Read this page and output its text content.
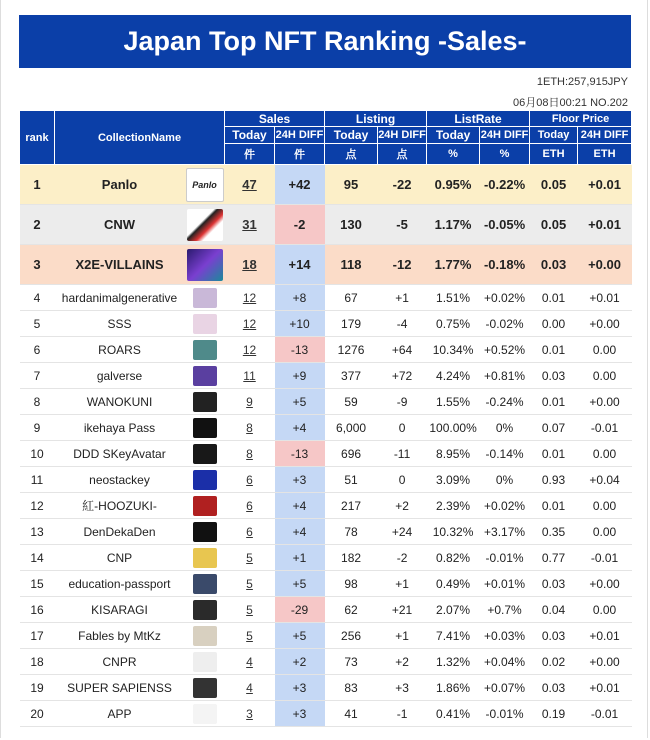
Japan Top NFT Ranking -Sales-
1ETH:257,915JPY
06月08日00:21 NO.202
rank	CollectionName		Sales		Listing		ListRate		Floor Price	
			Today	24H DIFF	Today	24H DIFF	Today	24H DIFF	Today	24H DIFF
			件	件	点	点	%	%	ETH	ETH
1	Panlo	Panlo	47	+42	95	-22	0.95%	-0.22%	0.05	+0.01
2	CNW		31	-2	130	-5	1.17%	-0.05%	0.05	+0.01
3	X2E-VILLAINS		18	+14	118	-12	1.77%	-0.18%	0.03	+0.00
4	hardanimalgenerative		12	+8	67	+1	1.51%	+0.02%	0.01	+0.01
5	SSS		12	+10	179	-4	0.75%	-0.02%	0.00	+0.00
6	ROARS		12	-13	1276	+64	10.34%	+0.52%	0.01	0.00
7	galverse		11	+9	377	+72	4.24%	+0.81%	0.03	0.00
8	WANOKUNI		9	+5	59	-9	1.55%	-0.24%	0.01	+0.00
9	ikehaya Pass		8	+4	6,000	0	100.00%	0%	0.07	-0.01
10	DDD SKeyAvatar		8	-13	696	-11	8.95%	-0.14%	0.01	0.00
11	neostackey		6	+3	51	0	3.09%	0%	0.93	+0.04
12	紅-HOOZUKI-		6	+4	217	+2	2.39%	+0.02%	0.01	0.00
13	DenDekaDen		6	+4	78	+24	10.32%	+3.17%	0.35	0.00
14	CNP		5	+1	182	-2	0.82%	-0.01%	0.77	-0.01
15	education-passport		5	+5	98	+1	0.49%	+0.01%	0.03	+0.00
16	KISARAGI		5	-29	62	+21	2.07%	+0.7%	0.04	0.00
17	Fables by MtKz		5	+5	256	+1	7.41%	+0.03%	0.03	+0.01
18	CNPR		4	+2	73	+2	1.32%	+0.04%	0.02	+0.00
19	SUPER SAPIENSS		4	+3	83	+3	1.86%	+0.07%	0.03	+0.01
20	APP		3	+3	41	-1	0.41%	-0.01%	0.19	-0.01
